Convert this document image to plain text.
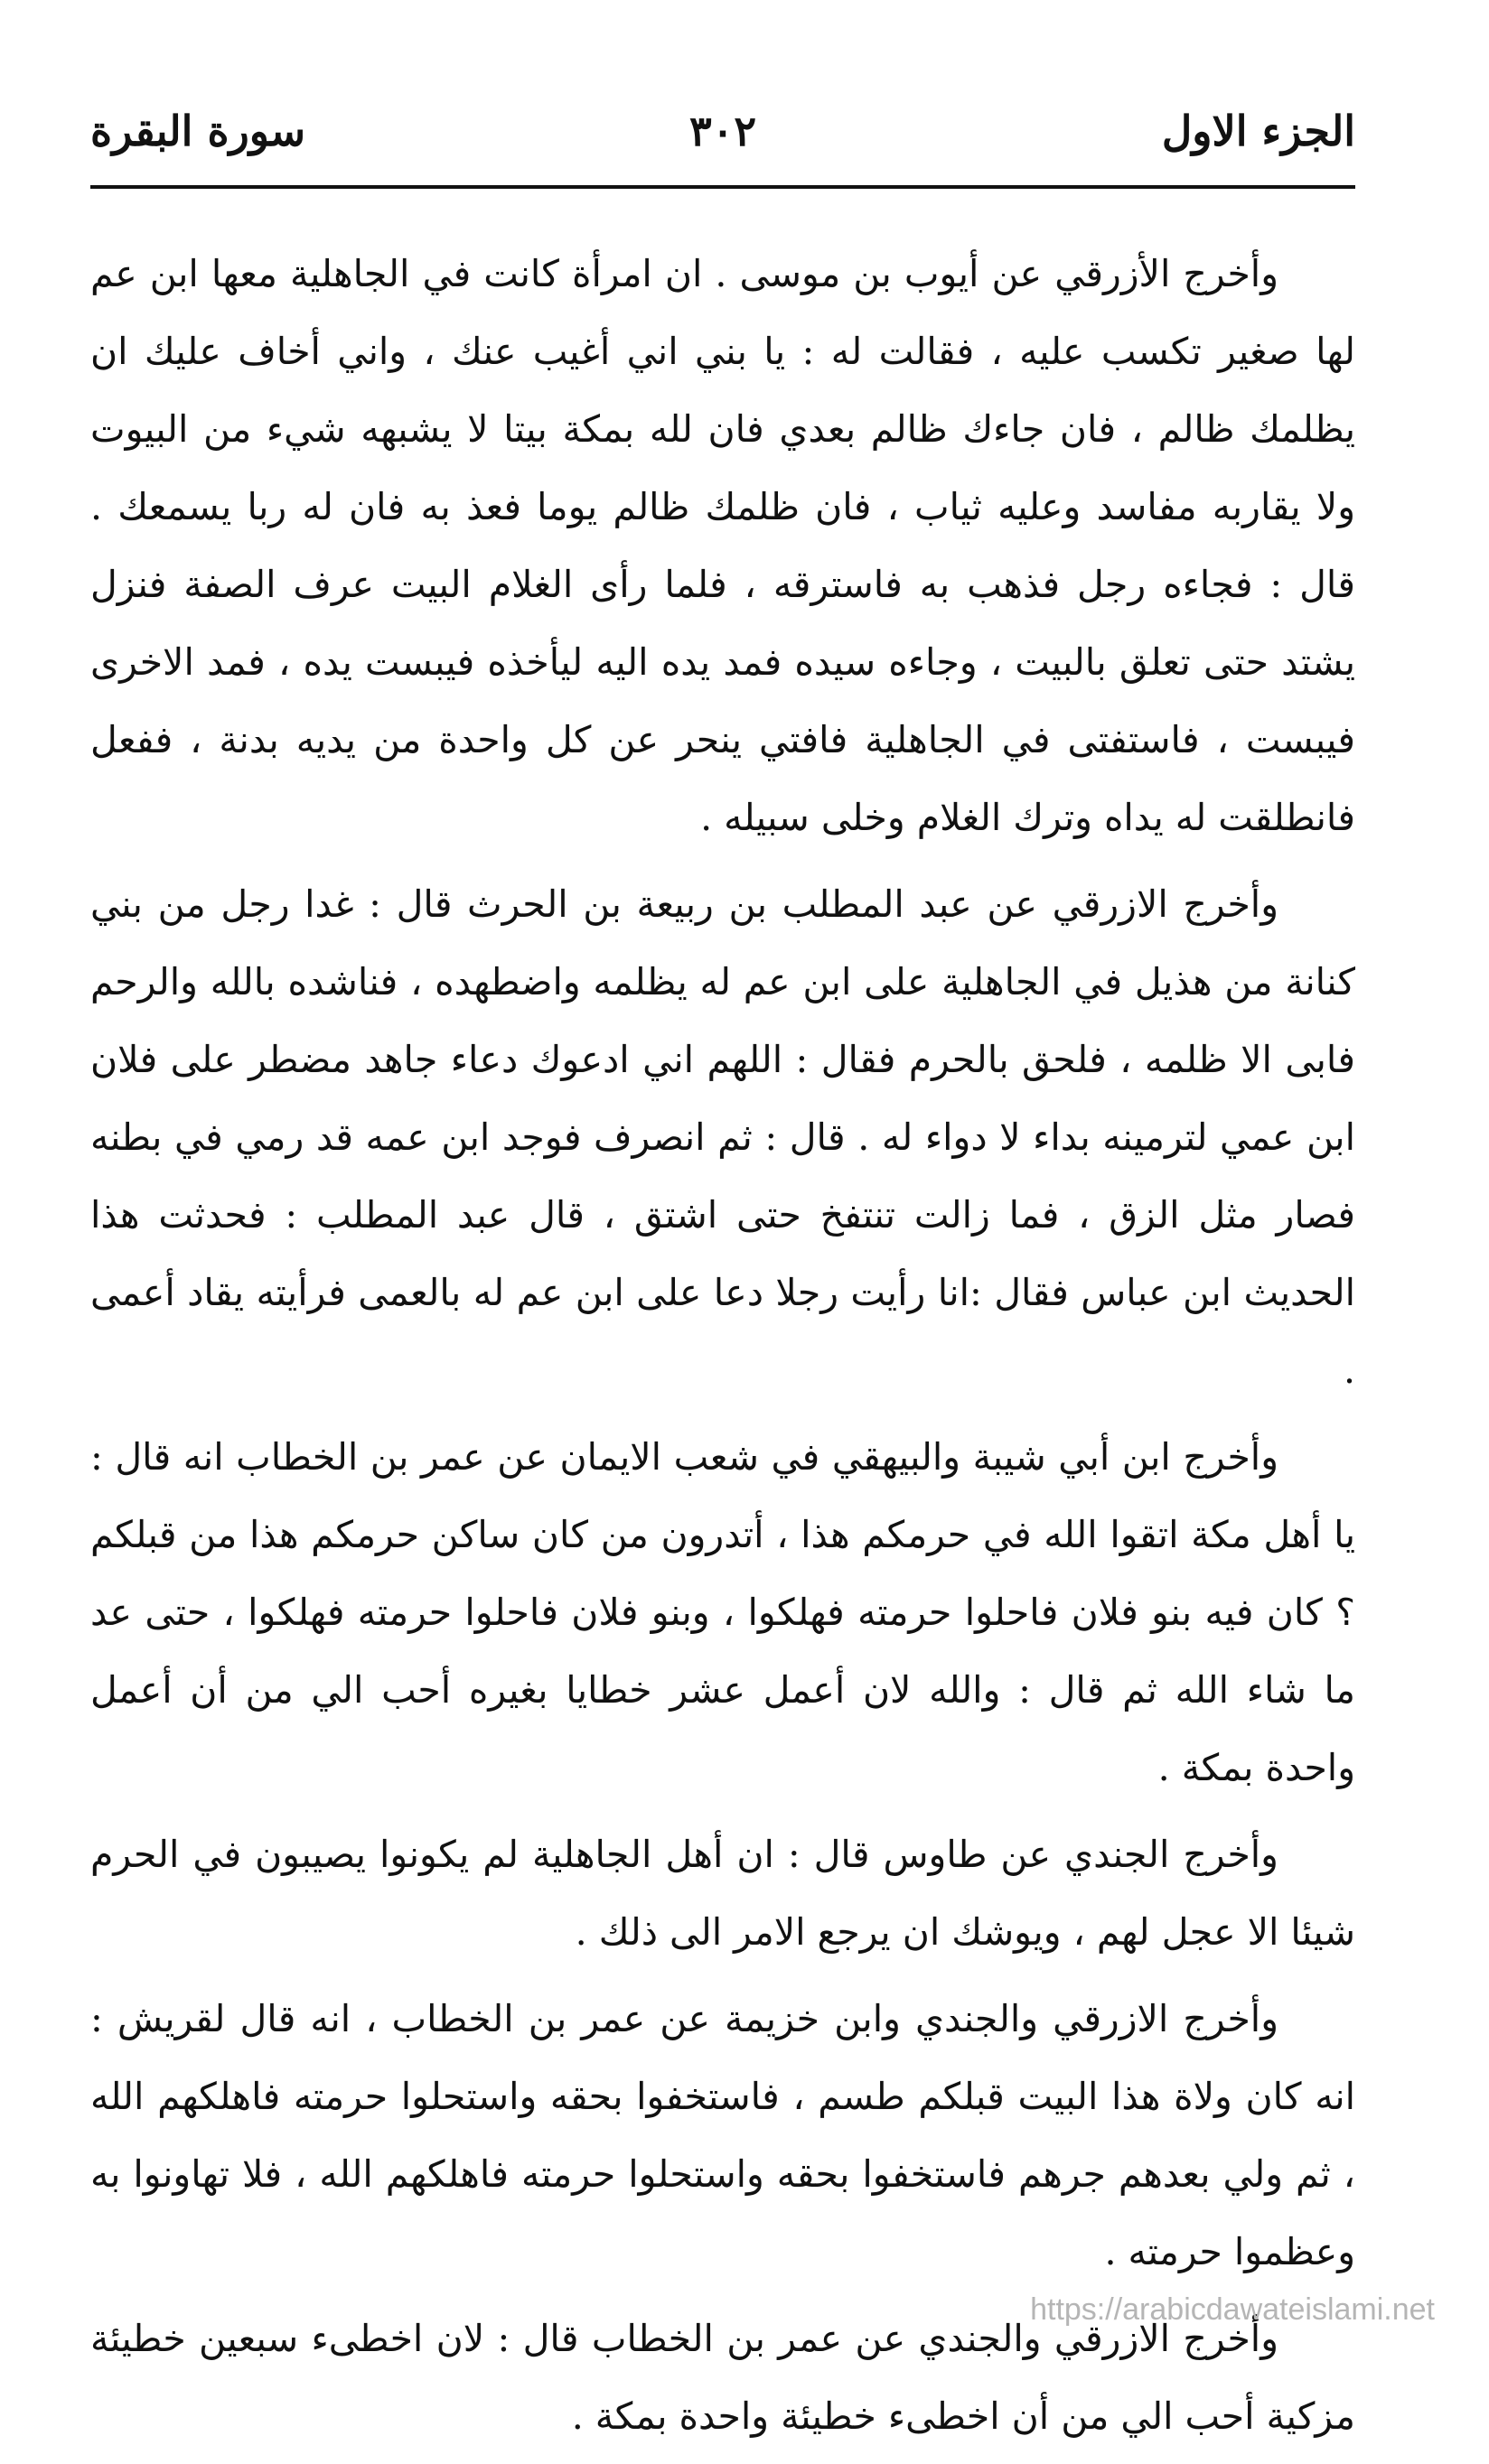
الجزء الاول
٣٠٢
سورة البقرة

وأخرج الأزرقي عن أيوب بن موسى . ان امرأة كانت في الجاهلية معها ابن عم لها صغير تكسب عليه ، فقالت له : يا بني اني أغيب عنك ، واني أخاف عليك ان يظلمك ظالم ، فان جاءك ظالم بعدي فان لله بمكة بيتا لا يشبهه شيء من البيوت ولا يقاربه مفاسد وعليه ثياب ، فان ظلمك ظالم يوما فعذ به فان له ربا يسمعك . قال : فجاءه رجل فذهب به فاسترقه ، فلما رأى الغلام البيت عرف الصفة فنزل يشتد حتى تعلق بالبيت ، وجاءه سيده فمد يده اليه ليأخذه فيبست يده ، فمد الاخرى فيبست ، فاستفتى في الجاهلية فافتي ينحر عن كل واحدة من يديه بدنة ، ففعل فانطلقت له يداه وترك الغلام وخلى سبيله .

وأخرج الازرقي عن عبد المطلب بن ربيعة بن الحرث قال : غدا رجل من بني كنانة من هذيل في الجاهلية على ابن عم له يظلمه واضطهده ، فناشده بالله والرحم فابى الا ظلمه ، فلحق بالحرم فقال : اللهم اني ادعوك دعاء جاهد مضطر على فلان ابن عمي لترمينه بداء لا دواء له . قال : ثم انصرف فوجد ابن عمه قد رمي في بطنه فصار مثل الزق ، فما زالت تنتفخ حتى اشتق ، قال عبد المطلب : فحدثت هذا الحديث ابن عباس فقال :انا رأيت رجلا دعا على ابن عم له بالعمى فرأيته يقاد أعمى .

وأخرج ابن أبي شيبة والبيهقي في شعب الايمان عن عمر بن الخطاب انه قال : يا أهل مكة اتقوا الله في حرمكم هذا ، أتدرون من كان ساكن حرمكم هذا من قبلكم ؟ كان فيه بنو فلان فاحلوا حرمته فهلكوا ، وبنو فلان فاحلوا حرمته فهلكوا ، حتى عد ما شاء الله ثم قال : والله لان أعمل عشر خطايا بغيره أحب الي من أن أعمل واحدة بمكة .

وأخرج الجندي عن طاوس قال : ان أهل الجاهلية لم يكونوا يصيبون في الحرم شيئا الا عجل لهم ، ويوشك ان يرجع الامر الى ذلك .

وأخرج الازرقي والجندي وابن خزيمة عن عمر بن الخطاب ، انه قال لقريش : انه كان ولاة هذا البيت قبلكم طسم ، فاستخفوا بحقه واستحلوا حرمته فاهلكهم الله ، ثم ولي بعدهم جرهم فاستخفوا بحقه واستحلوا حرمته فاهلكهم الله ، فلا تهاونوا به وعظموا حرمته .

وأخرج الازرقي والجندي عن عمر بن الخطاب قال : لان اخطىء سبعين خطيئة مزكية أحب الي من أن اخطىء خطيئة واحدة بمكة .

https://arabicdawateislami.net
